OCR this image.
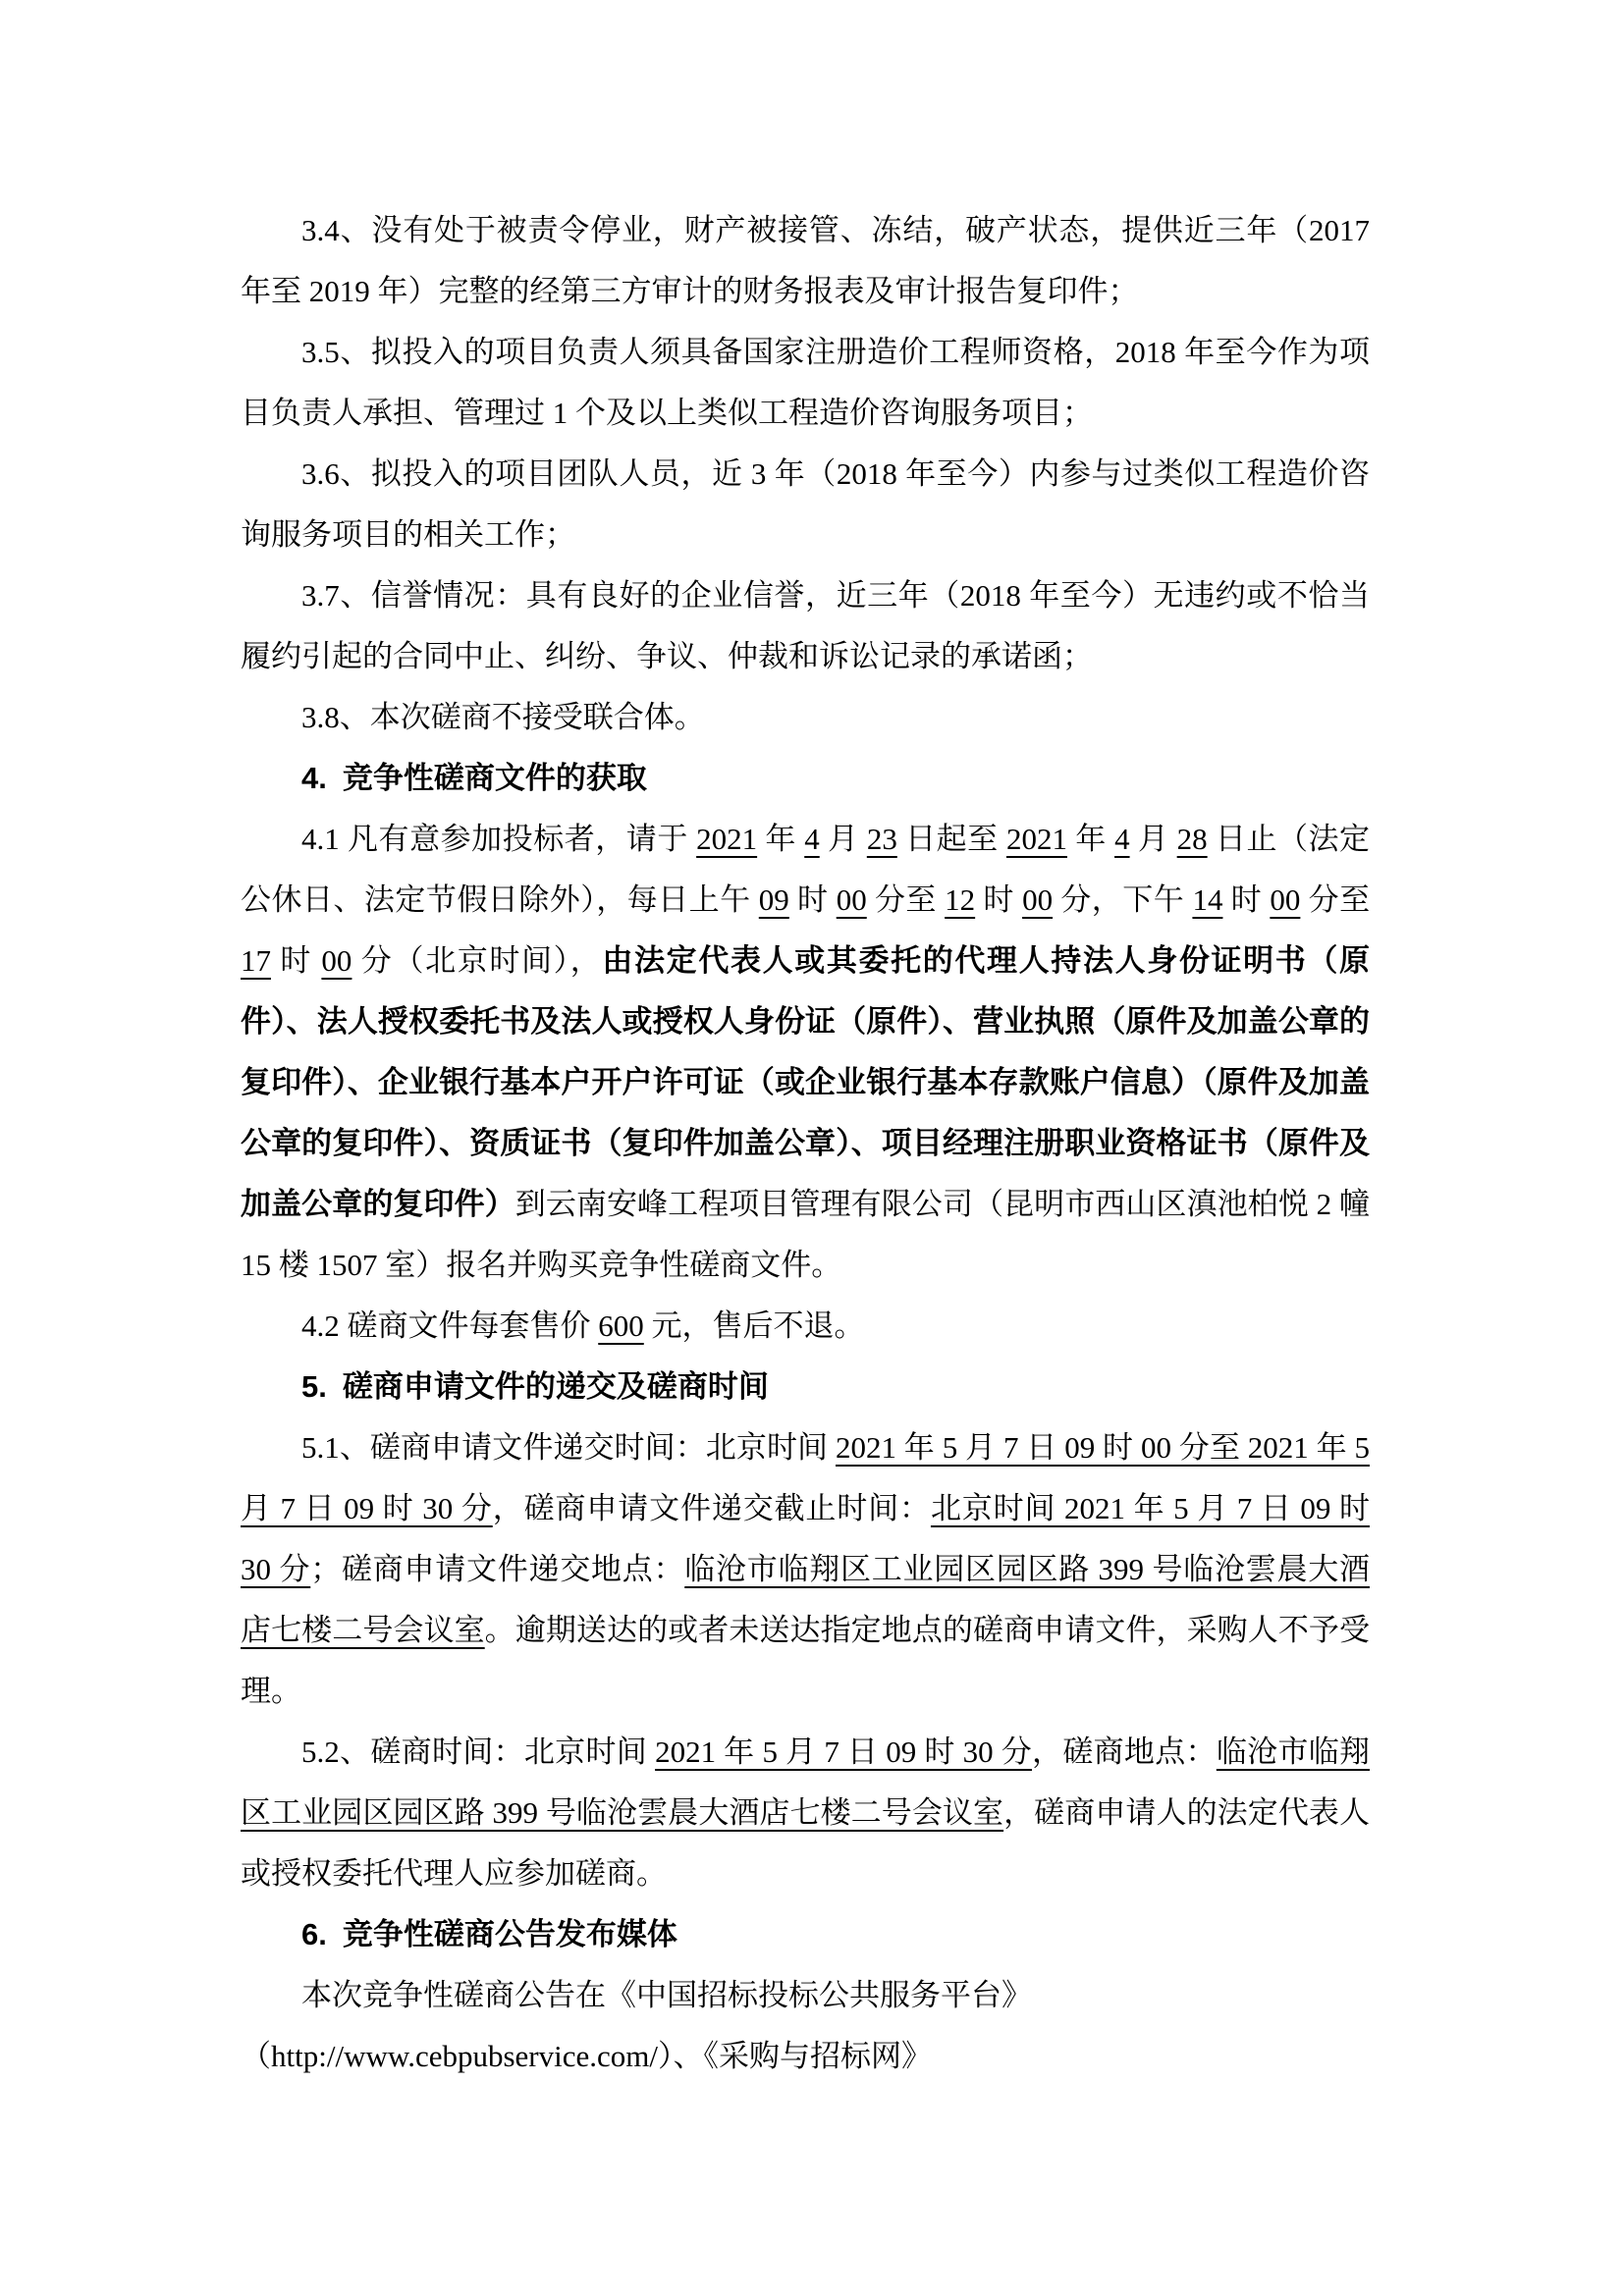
3.4、没有处于被责令停业，财产被接管、冻结，破产状态，提供近三年（2017 年至 2019 年）完整的经第三方审计的财务报表及审计报告复印件；

3.5、拟投入的项目负责人须具备国家注册造价工程师资格，2018 年至今作为项目负责人承担、管理过 1 个及以上类似工程造价咨询服务项目；

3.6、拟投入的项目团队人员，近 3 年（2018 年至今）内参与过类似工程造价咨询服务项目的相关工作；

3.7、信誉情况：具有良好的企业信誉，近三年（2018 年至今）无违约或不恰当履约引起的合同中止、纠纷、争议、仲裁和诉讼记录的承诺函；

3.8、本次磋商不接受联合体。

4. 竞争性磋商文件的获取

4.1 凡有意参加投标者，请于 2021 年 4 月 23 日起至 2021 年 4 月 28 日止（法定公休日、法定节假日除外），每日上午 09 时 00 分至 12 时 00 分，下午 14 时 00 分至 17 时 00 分（北京时间），由法定代表人或其委托的代理人持法人身份证明书（原件）、法人授权委托书及法人或授权人身份证（原件）、营业执照（原件及加盖公章的复印件）、企业银行基本户开户许可证（或企业银行基本存款账户信息）（原件及加盖公章的复印件）、资质证书（复印件加盖公章）、项目经理注册职业资格证书（原件及加盖公章的复印件）到云南安峰工程项目管理有限公司（昆明市西山区滇池柏悦 2 幢 15 楼 1507 室）报名并购买竞争性磋商文件。

4.2 磋商文件每套售价 600 元，售后不退。

5. 磋商申请文件的递交及磋商时间

5.1、磋商申请文件递交时间：北京时间 2021 年 5 月 7 日 09 时 00 分至 2021 年 5 月 7 日 09 时 30 分，磋商申请文件递交截止时间：北京时间 2021 年 5 月 7 日 09 时 30 分；磋商申请文件递交地点：临沧市临翔区工业园区园区路 399 号临沧雲晨大酒店七楼二号会议室。逾期送达的或者未送达指定地点的磋商申请文件，采购人不予受理。

5.2、磋商时间：北京时间 2021 年 5 月 7 日 09 时 30 分，磋商地点：临沧市临翔区工业园区园区路 399 号临沧雲晨大酒店七楼二号会议室，磋商申请人的法定代表人或授权委托代理人应参加磋商。

6. 竞争性磋商公告发布媒体

本次竞争性磋商公告在《中国招标投标公共服务平台》
（http://www.cebpubservice.com/）、《采购与招标网》
